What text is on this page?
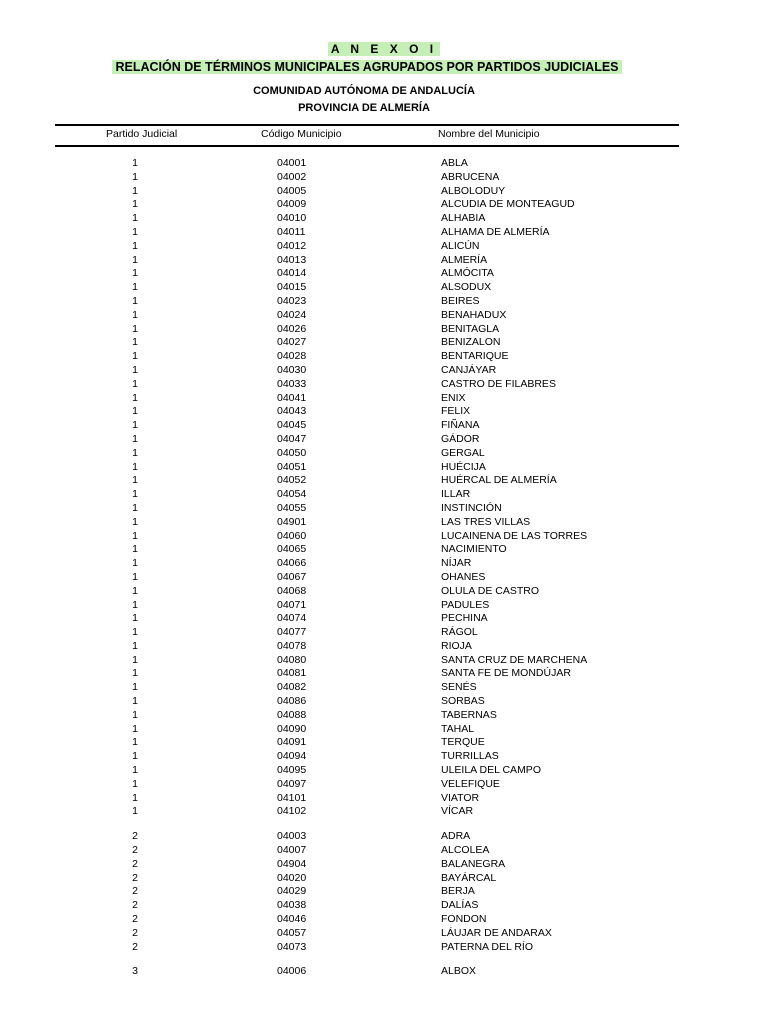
A N E X O I
RELACIÓN DE TÉRMINOS MUNICIPALES AGRUPADOS POR PARTIDOS JUDICIALES
COMUNIDAD AUTÓNOMA DE ANDALUCÍA
PROVINCIA DE ALMERÍA
Partido Judicial	Código Municipio	Nombre del Municipio
1	04001	ABLA
1	04002	ABRUCENA
1	04005	ALBOLODUY
1	04009	ALCUDIA DE MONTEAGUD
1	04010	ALHABIA
1	04011	ALHAMA DE ALMERÍA
1	04012	ALICÚN
1	04013	ALMERÍA
1	04014	ALMÓCITA
1	04015	ALSODUX
1	04023	BEIRES
1	04024	BENAHADUX
1	04026	BENITAGLA
1	04027	BENIZALON
1	04028	BENTARIQUE
1	04030	CANJÁYAR
1	04033	CASTRO DE FILABRES
1	04041	ENIX
1	04043	FELIX
1	04045	FIÑANA
1	04047	GÁDOR
1	04050	GERGAL
1	04051	HUÉCIJA
1	04052	HUÉRCAL DE ALMERÍA
1	04054	ILLAR
1	04055	INSTINCIÓN
1	04901	LAS TRES VILLAS
1	04060	LUCAINENA DE LAS TORRES
1	04065	NACIMIENTO
1	04066	NÍJAR
1	04067	OHANES
1	04068	OLULA DE CASTRO
1	04071	PADULES
1	04074	PECHINA
1	04077	RÁGOL
1	04078	RIOJA
1	04080	SANTA CRUZ DE MARCHENA
1	04081	SANTA FE DE MONDÚJAR
1	04082	SENÉS
1	04086	SORBAS
1	04088	TABERNAS
1	04090	TAHAL
1	04091	TERQUE
1	04094	TURRILLAS
1	04095	ULEILA DEL CAMPO
1	04097	VELEFIQUE
1	04101	VIATOR
1	04102	VÍCAR
2	04003	ADRA
2	04007	ALCOLEA
2	04904	BALANEGRA
2	04020	BAYÁRCAL
2	04029	BERJA
2	04038	DALÍAS
2	04046	FONDON
2	04057	LÁUJAR DE ANDARAX
2	04073	PATERNA DEL RÍO
3	04006	ALBOX
